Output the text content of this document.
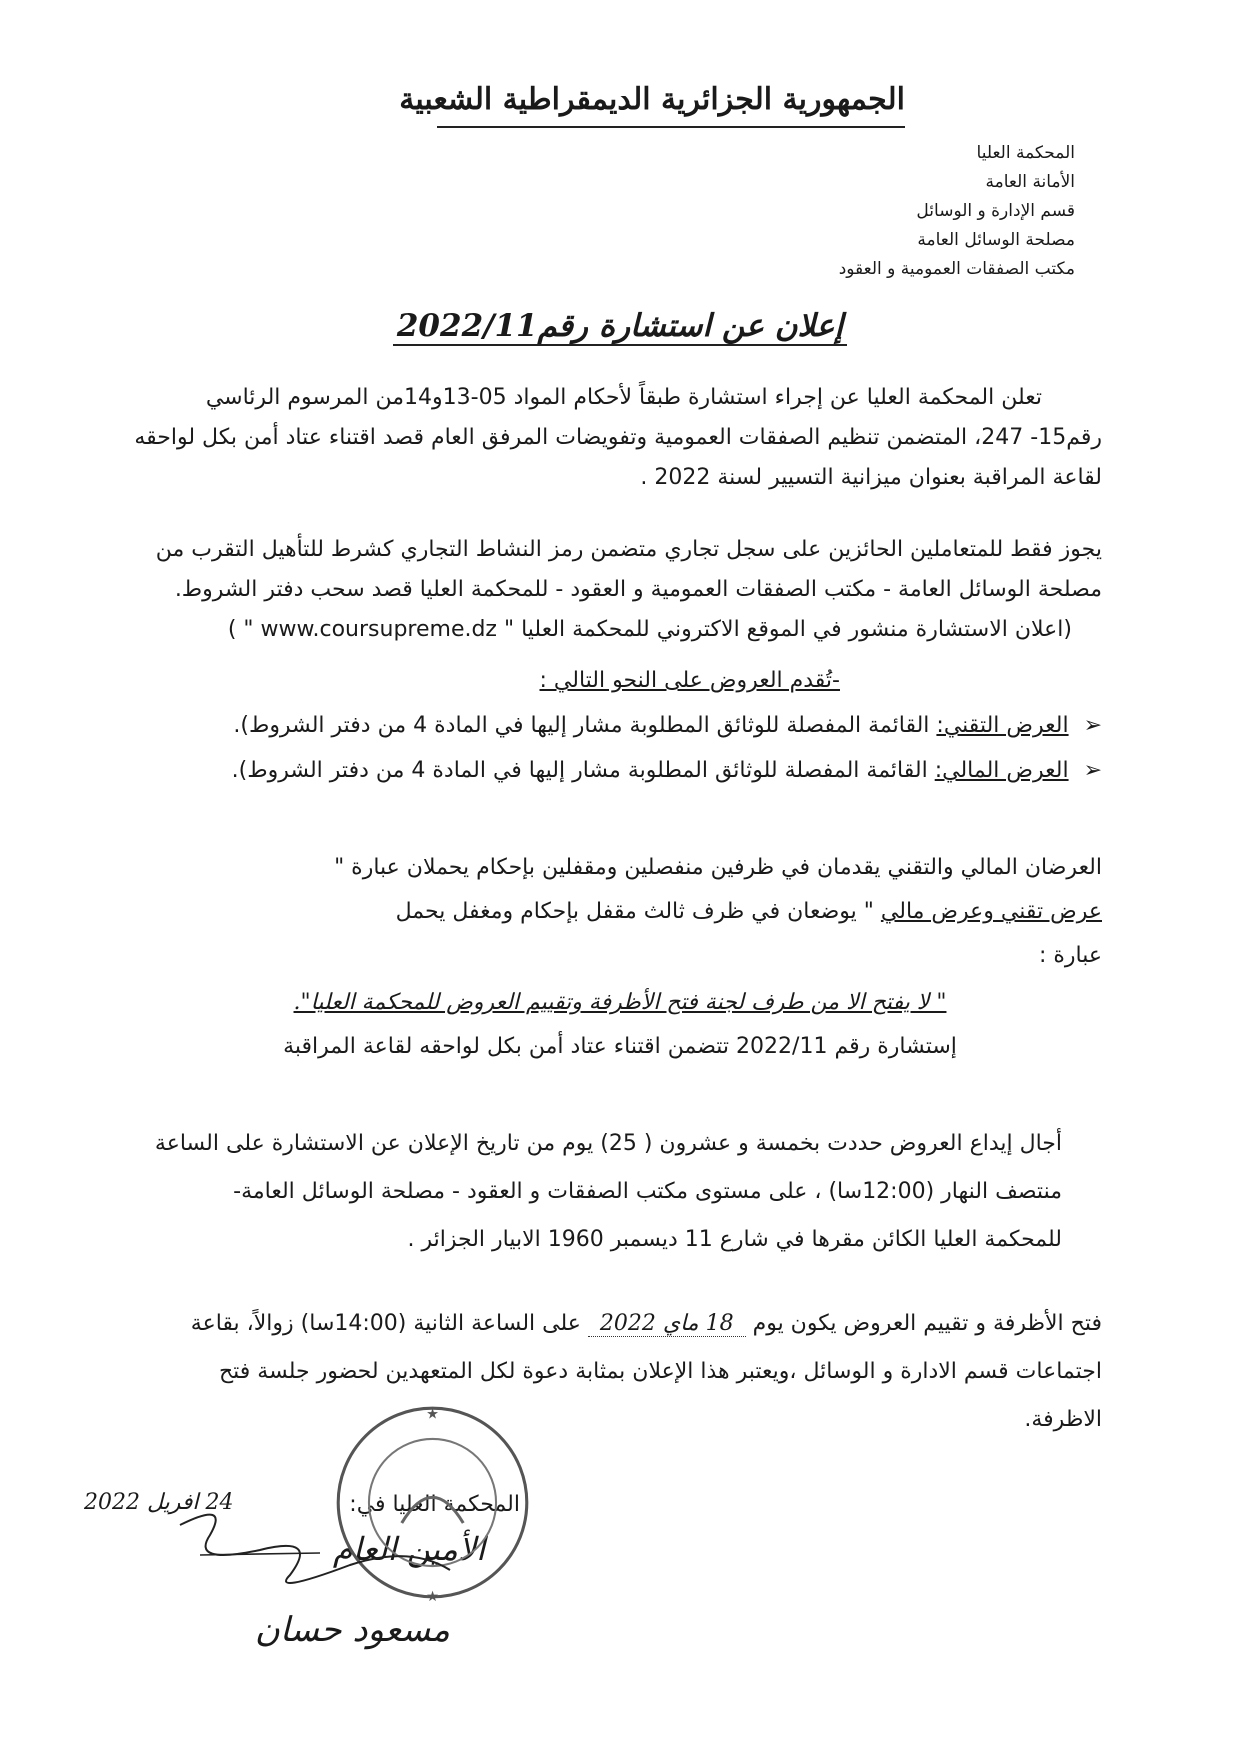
الجمهورية الجزائرية الديمقراطية الشعبية
المحكمة العليا
الأمانة العامة
قسم الإدارة و الوسائل
مصلحة الوسائل العامة
مكتب الصفقات العمومية و العقود
إعلان عن استشارة رقم2022/11
تعلن المحكمة العليا عن إجراء استشارة طبقاً لأحكام المواد 05-13و14من المرسوم الرئاسي
رقم15- 247، المتضمن تنظيم الصفقات العمومية وتفويضات المرفق العام قصد اقتناء عتاد أمن بكل لواحقه
لقاعة المراقبة بعنوان ميزانية التسيير لسنة 2022 .
يجوز فقط للمتعاملين الحائزين على سجل تجاري متضمن رمز النشاط التجاري كشرط للتأهيل التقرب من
مصلحة الوسائل العامة - مكتب الصفقات العمومية و العقود - للمحكمة العليا قصد سحب دفتر الشروط.
(اعلان الاستشارة منشور في الموقع الاكتروني للمحكمة العليا " www.coursupreme.dz " )
-تُقدم العروض على النحو التالي :
➢ العرض التقني: القائمة المفصلة للوثائق المطلوبة مشار إليها في المادة 4 من دفتر الشروط).
➢ العرض المالي: القائمة المفصلة للوثائق المطلوبة مشار إليها في المادة 4 من دفتر الشروط).
العرضان المالي والتقني يقدمان في ظرفين منفصلين ومقفلين بإحكام يحملان عبارة "
عرض تقني وعرض مالي " يوضعان في ظرف ثالث مقفل بإحكام ومغفل يحمل
عبارة :
" لا يفتح الا من طرف لجنة فتح الأظرفة وتقييم العروض للمحكمة العليا".
إستشارة رقم 2022/11 تتضمن اقتناء عتاد أمن بكل لواحقه لقاعة المراقبة
أجال إيداع العروض حددت بخمسة و عشرون ( 25) يوم من تاريخ الإعلان عن الاستشارة على الساعة
منتصف النهار (12:00سا) ، على مستوى مكتب الصفقات و العقود - مصلحة الوسائل العامة-
للمحكمة العليا الكائن مقرها في شارع 11 ديسمبر 1960 الابيار الجزائر .
فتح الأظرفة و تقييم العروض يكون يوم 18 ماي 2022 على الساعة الثانية (14:00سا) زوالاً، بقاعة
اجتماعات قسم الادارة و الوسائل ،ويعتبر هذا الإعلان بمثابة دعوة لكل المتعهدين لحضور جلسة فتح
الاظرفة.
المحكمة العليا في:
24 افريل 2022
الأمين العام
مسعود حسان
★
★
